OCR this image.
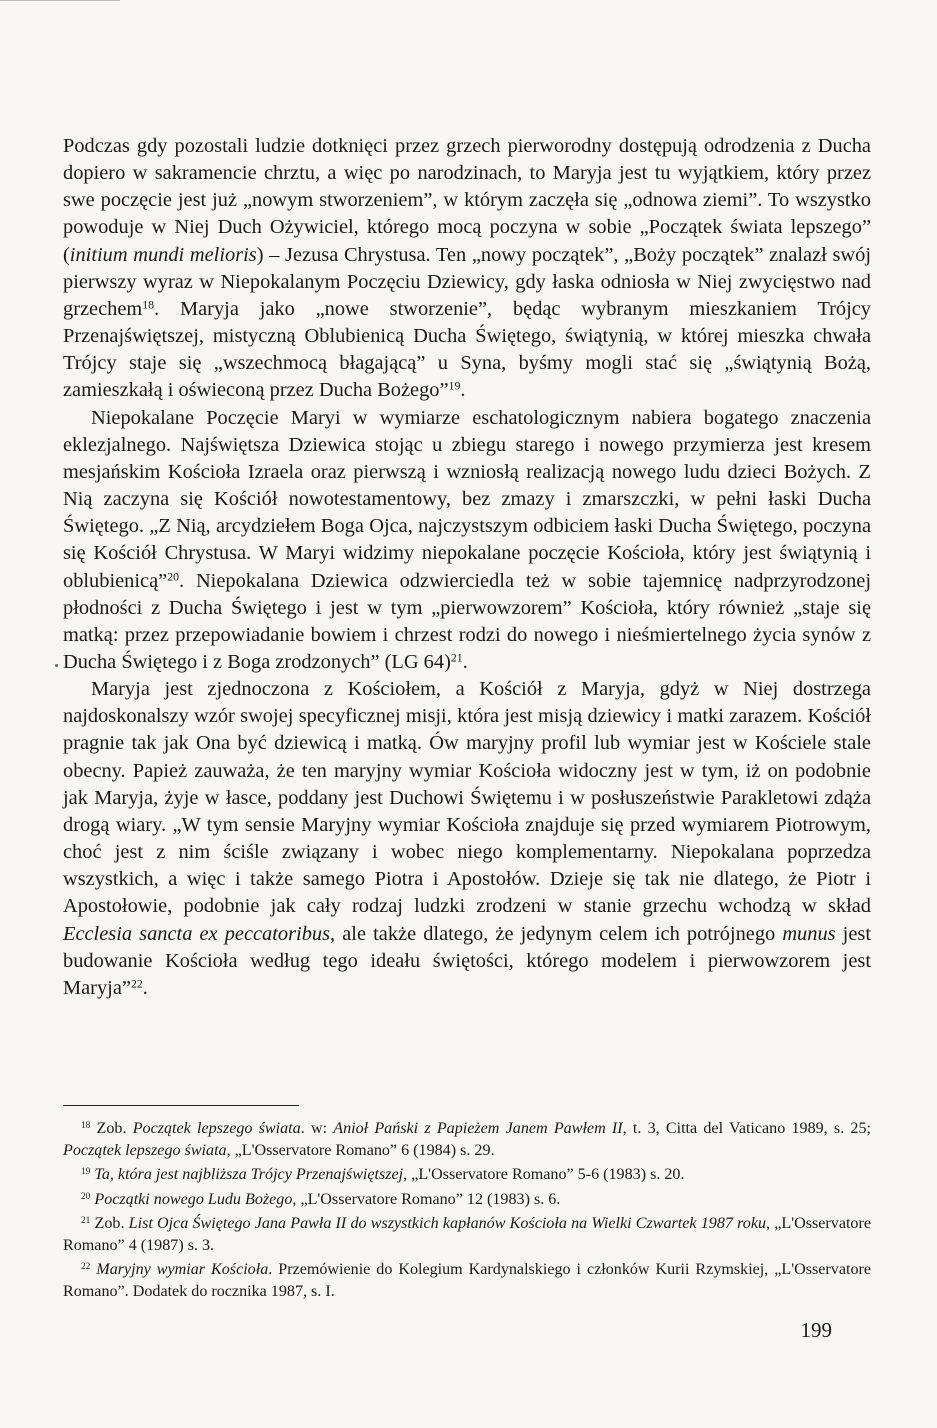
Podczas gdy pozostali ludzie dotknięci przez grzech pierworodny dostępują odrodzenia z Ducha dopiero w sakramencie chrztu, a więc po narodzinach, to Maryja jest tu wyjątkiem, który przez swe poczęcie jest już „nowym stworzeniem”, w którym zaczęła się „odnowa ziemi”. To wszystko powoduje w Niej Duch Ożywiciel, którego mocą poczyna w sobie „Początek świata lepszego” (initium mundi melioris) – Jezusa Chrystusa. Ten „nowy początek”, „Boży początek” znalazł swój pierwszy wyraz w Niepokalanym Poczęciu Dziewicy, gdy łaska odniosła w Niej zwycięstwo nad grzechem$^{18}$. Maryja jako „nowe stworzenie”, będąc wybranym mieszkaniem Trójcy Przenajświętszej, mistyczną Oblubienicą Ducha Świętego, świątynią, w której mieszka chwała Trójcy staje się „wszechmocą błagającą” u Syna, byśmy mogli stać się „świątynią Bożą, zamieszkałą i oświeconą przez Ducha Bożego”$^{19}$.

Niepokalane Poczęcie Maryi w wymiarze eschatologicznym nabiera bogatego znaczenia eklezjalnego. Najświętsza Dziewica stojąc u zbiegu starego i nowego przymierza jest kresem mesjańskim Kościoła Izraela oraz pierwszą i wzniosłą realizacją nowego ludu dzieci Bożych. Z Nią zaczyna się Kościół nowotestamentowy, bez zmazy i zmarszczki, w pełni łaski Ducha Świętego. „Z Nią, arcydziełem Boga Ojca, najczystszym odbiciem łaski Ducha Świętego, poczyna się Kościół Chrystusa. W Maryi widzimy niepokalane poczęcie Kościoła, który jest świątynią i oblubienicą”$^{20}$. Niepokalana Dziewica odzwierciedla też w sobie tajemnicę nadprzyrodzonej płodności z Ducha Świętego i jest w tym „pierwowzorem” Kościoła, który również „staje się matką: przez przepowiadanie bowiem i chrzest rodzi do nowego i nieśmiertelnego życia synów z Ducha Świętego i z Boga zrodzonych” (LG 64)$^{21}$.

Maryja jest zjednoczona z Kościołem, a Kościół z Maryja, gdyż w Niej dostrzega najdoskonalszy wzór swojej specyficznej misji, która jest misją dziewicy i matki zarazem. Kościół pragnie tak jak Ona być dziewicą i matką. Ów maryjny profil lub wymiar jest w Kościele stale obecny. Papież zauważa, że ten maryjny wymiar Kościoła widoczny jest w tym, iż on podobnie jak Maryja, żyje w łasce, poddany jest Duchowi Świętemu i w posłuszeństwie Parakletowi zdąża drogą wiary. „W tym sensie Maryjny wymiar Kościoła znajduje się przed wymiarem Piotrowym, choć jest z nim ściśle związany i wobec niego komplementarny. Niepokalana poprzedza wszystkich, a więc i także samego Piotra i Apostołów. Dzieje się tak nie dlatego, że Piotr i Apostołowie, podobnie jak cały rodzaj ludzki zrodzeni w stanie grzechu wchodzą w skład Ecclesia sancta ex peccatoribus, ale także dlatego, że jedynym celem ich potrójnego munus jest budowanie Kościoła według tego ideału świętości, którego modelem i pierwowzorem jest Maryja”$^{22}$.

$^{18}$ Zob. Początek lepszego świata. w: Anioł Pański z Papieżem Janem Pawłem II, t. 3, Citta del Vaticano 1989, s. 25; Początek lepszego świata, „L'Osservatore Romano” 6 (1984) s. 29.

$^{19}$ Ta, która jest najbliższa Trójcy Przenajświętszej, „L'Osservatore Romano” 5-6 (1983) s. 20.

$^{20}$ Początki nowego Ludu Bożego, „L'Osservatore Romano” 12 (1983) s. 6.

$^{21}$ Zob. List Ojca Świętego Jana Pawła II do wszystkich kapłanów Kościoła na Wielki Czwartek 1987 roku, „L'Osservatore Romano” 4 (1987) s. 3.

$^{22}$ Maryjny wymiar Kościoła. Przemówienie do Kolegium Kardynalskiego i członków Kurii Rzymskiej, „L'Osservatore Romano”. Dodatek do rocznika 1987, s. I.

199
